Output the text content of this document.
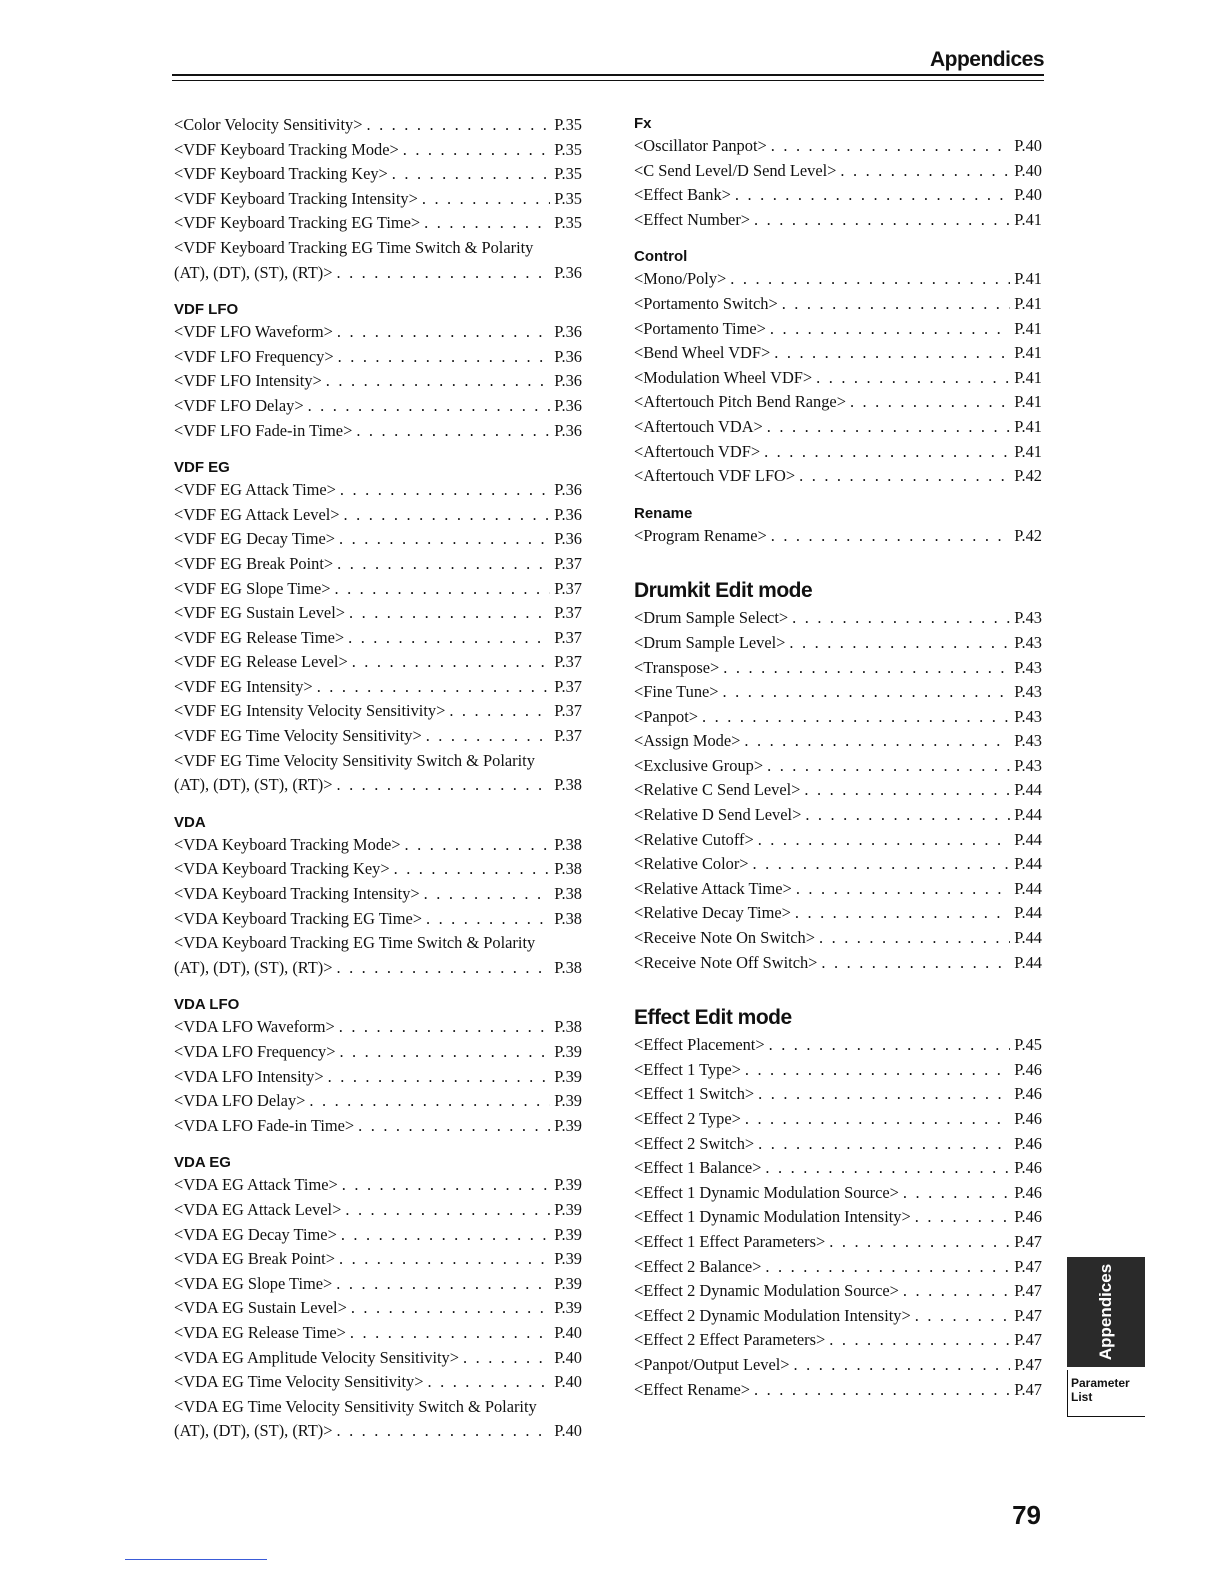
Appendices
<Color Velocity Sensitivity> . . .	P.35
<VDF Keyboard Tracking Mode> . . .	P.35
<VDF Keyboard Tracking Key> . . .	P.35
<VDF Keyboard Tracking Intensity> . . .	P.35
<VDF Keyboard Tracking EG Time> . . .	P.35
<VDF Keyboard Tracking EG Time Switch & Polarity
(AT), (DT), (ST), (RT)> . . .	P.36
VDF LFO
<VDF LFO Waveform> . . .	P.36
<VDF LFO Frequency> . . .	P.36
<VDF LFO Intensity> . . .	P.36
<VDF LFO Delay> . . .	P.36
<VDF LFO Fade-in Time> . . .	P.36
VDF EG
<VDF EG Attack Time> . . .	P.36
<VDF EG Attack Level> . . .	P.36
<VDF EG Decay Time> . . .	P.36
<VDF EG Break Point> . . .	P.37
<VDF EG Slope Time> . . .	P.37
<VDF EG Sustain Level> . . .	P.37
<VDF EG Release Time> . . .	P.37
<VDF EG Release Level> . . .	P.37
<VDF EG Intensity> . . .	P.37
<VDF EG Intensity Velocity Sensitivity> . . .	P.37
<VDF EG Time Velocity Sensitivity> . . .	P.37
<VDF EG Time Velocity Sensitivity Switch & Polarity
(AT), (DT), (ST), (RT)> . . .	P.38
VDA
<VDA Keyboard Tracking Mode> . . .	P.38
<VDA Keyboard Tracking Key> . . .	P.38
<VDA Keyboard Tracking Intensity> . . .	P.38
<VDA Keyboard Tracking EG Time> . . .	P.38
<VDA Keyboard Tracking EG Time Switch & Polarity
(AT), (DT), (ST), (RT)> . . .	P.38
VDA LFO
<VDA LFO Waveform> . . .	P.38
<VDA LFO Frequency> . . .	P.39
<VDA LFO Intensity> . . .	P.39
<VDA LFO Delay> . . .	P.39
<VDA LFO Fade-in Time> . . .	P.39
VDA EG
<VDA EG Attack Time> . . .	P.39
<VDA EG Attack Level> . . .	P.39
<VDA EG Decay Time> . . .	P.39
<VDA EG Break Point> . . .	P.39
<VDA EG Slope Time> . . .	P.39
<VDA EG Sustain Level> . . .	P.39
<VDA EG Release Time> . . .	P.40
<VDA EG Amplitude Velocity Sensitivity> . . .	P.40
<VDA EG Time Velocity Sensitivity> . . .	P.40
<VDA EG Time Velocity Sensitivity Switch & Polarity
(AT), (DT), (ST), (RT)> . . .	P.40
Fx
<Oscillator Panpot> . . .	P.40
<C Send Level/D Send Level> . . .	P.40
<Effect Bank> . . .	P.40
<Effect Number> . . .	P.41
Control
<Mono/Poly> . . .	P.41
<Portamento Switch> . . .	P.41
<Portamento Time> . . .	P.41
<Bend Wheel VDF> . . .	P.41
<Modulation Wheel VDF> . . .	P.41
<Aftertouch Pitch Bend Range> . . .	P.41
<Aftertouch VDA> . . .	P.41
<Aftertouch VDF> . . .	P.41
<Aftertouch VDF LFO> . . .	P.42
Rename
<Program Rename> . . .	P.42
Drumkit Edit mode
<Drum Sample Select> . . .	P.43
<Drum Sample Level> . . .	P.43
<Transpose> . . .	P.43
<Fine Tune> . . .	P.43
<Panpot> . . .	P.43
<Assign Mode> . . .	P.43
<Exclusive Group> . . .	P.43
<Relative C Send Level> . . .	P.44
<Relative D Send Level> . . .	P.44
<Relative Cutoff> . . .	P.44
<Relative Color> . . .	P.44
<Relative Attack Time> . . .	P.44
<Relative Decay Time> . . .	P.44
<Receive Note On Switch> . . .	P.44
<Receive Note Off Switch> . . .	P.44
Effect Edit mode
<Effect Placement> . . .	P.45
<Effect 1 Type> . . .	P.46
<Effect 1 Switch> . . .	P.46
<Effect 2 Type> . . .	P.46
<Effect 2 Switch> . . .	P.46
<Effect 1 Balance> . . .	P.46
<Effect 1 Dynamic Modulation Source> . . .	P.46
<Effect 1 Dynamic Modulation Intensity> . . .	P.46
<Effect 1 Effect Parameters> . . .	P.47
<Effect 2 Balance> . . .	P.47
<Effect 2 Dynamic Modulation Source> . . .	P.47
<Effect 2 Dynamic Modulation Intensity> . . .	P.47
<Effect 2 Effect Parameters> . . .	P.47
<Panpot/Output Level> . . .	P.47
<Effect Rename> . . .	P.47
Appendices
Parameter
List
79
